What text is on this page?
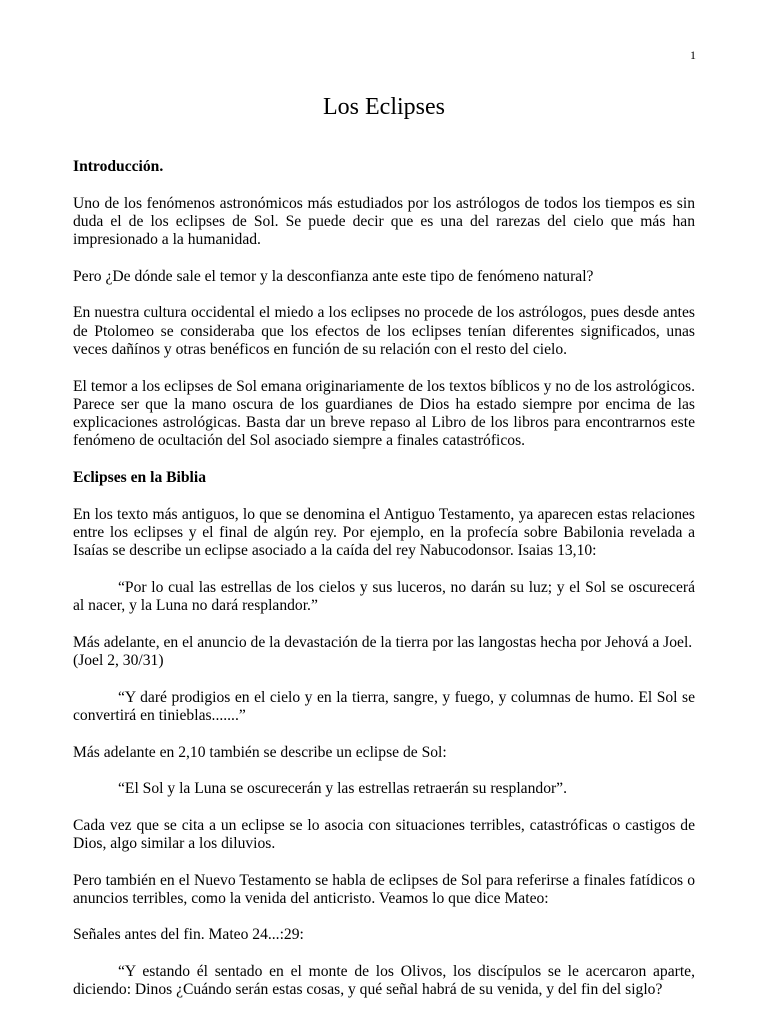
1
Los Eclipses

Introducción.

Uno de los fenómenos astronómicos más estudiados por los astrólogos de todos los tiempos es sin duda el de los eclipses de Sol. Se puede decir que es una del rarezas del cielo que más han impresionado a la humanidad.

Pero ¿De dónde sale el temor y la desconfianza ante este tipo de fenómeno natural?

En nuestra cultura occidental el miedo a los eclipses no procede de los astrólogos, pues desde antes de Ptolomeo se consideraba que los efectos de los eclipses tenían diferentes significados, unas veces dañínos y otras benéficos en función de su relación con el resto del cielo.

El temor a los eclipses de Sol emana originariamente de los textos bíblicos y no de los astrológicos. Parece ser que la mano oscura de los guardianes de Dios ha estado siempre por encima de las explicaciones astrológicas. Basta dar un breve repaso al Libro de los libros para encontrarnos este fenómeno de ocultación del Sol asociado siempre a finales catastróficos.

Eclipses en la Biblia

En los texto más antiguos, lo que se denomina el Antiguo Testamento, ya aparecen estas relaciones entre los eclipses y el final de algún rey. Por ejemplo, en la profecía sobre Babilonia revelada a Isaías se describe un eclipse asociado a la caída del rey Nabucodonsor. Isaias 13,10:

“Por lo cual las estrellas de los cielos y sus luceros, no darán su luz; y el Sol se oscurecerá al nacer, y la Luna no dará resplandor.”

Más adelante, en el anuncio de la devastación de la tierra por las langostas hecha por Jehová a Joel. (Joel 2, 30/31)

“Y daré prodigios en el cielo y en la tierra, sangre, y fuego, y columnas de humo. El Sol se convertirá en tinieblas.......”

Más adelante en 2,10 también se describe un eclipse de Sol:

“El Sol y la Luna se oscurecerán y las estrellas retraerán su resplandor”.

Cada vez que se cita a un eclipse se lo asocia con situaciones terribles, catastróficas o castigos de Dios, algo similar a los diluvios.

Pero también en el Nuevo Testamento se habla de eclipses de Sol para referirse a finales fatídicos o anuncios terribles, como la venida del anticristo. Veamos lo que dice Mateo:

Señales antes del fin. Mateo 24...:29:

“Y estando él sentado en el monte de los Olivos, los discípulos se le acercaron aparte, diciendo: Dinos ¿Cuándo serán estas cosas, y qué señal habrá de su venida, y del fin del siglo?
